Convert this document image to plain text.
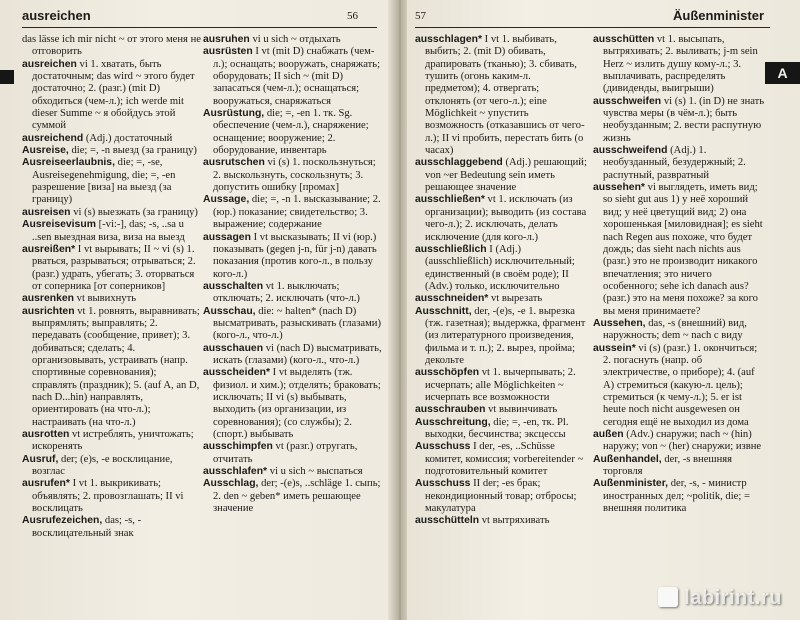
ausreichen	56

das lässe ich mir nicht ~ от этого меня не отговорить

ausreichen vi 1. хватать, быть достаточным; das wird ~ этого будет достаточно; 2. (разг.) (mit D) обходиться (чем-л.); ich werde mit dieser Summe ~ я обойдусь этой суммой

ausreichend (Adj.) достаточный

Ausreise, die; =, -n выезд (за границу)

Ausreiseerlaubnis, die; =, -se, Ausreisegenehmigung, die; =, -en разрешение [виза] на выезд (за границу)

ausreisen vi (s) выезжать (за границу)

Ausreisevisum [-vi:-], das; -s, ..sa u ..sen выездная виза, виза на выезд

ausreißen* I vt вырывать; II ~ vi (s) 1. рваться, разрываться; отрываться; 2. (разг.) удрать, убегать; 3. оторваться от соперника [от соперников]

ausrenken vt вывихнуть

ausrichten vt 1. ровнять, выравнивать; выпрямлять; выправлять; 2. передавать (сообщение, привет); 3. добиваться; сделать; 4. организовывать, устраивать (напр. спортивные соревнования); справлять (праздник); 5. (auf A, an D, nach D...hin) направлять, ориентировать (на что-л.); настраивать (на что-л.)

ausrotten vt истреблять, уничтожать; искоренять

Ausruf, der; (e)s, -e восклицание, возглас

ausrufen* I vt 1. выкрикивать; объявлять; 2. провозглашать; II vi восклицать

Ausrufezeichen, das; -s, - восклицательный знак

ausruhen vi u sich ~ отдыхать

ausrüsten I vt (mit D) снабжать (чем-л.); оснащать; вооружать, снаряжать; оборудовать; II sich ~ (mit D) запасаться (чем-л.); оснащаться; вооружаться, снаряжаться

Ausrüstung, die; =, -en 1. тк. Sg. обеспечение (чем-л.), снаряжение; оснащение; вооружение; 2. оборудование, инвентарь

ausrutschen vi (s) 1. поскользнуться; 2. выскользнуть, соскользнуть; 3. допустить ошибку [промах]

Aussage, die; =, -n 1. высказывание; 2. (юр.) показание; свидетельство; 3. выражение; содержание

aussagen I vt высказывать; II vi (юр.) показывать (gegen j-n, für j-n) давать показания (против кого-л., в пользу кого-л.)

ausschalten vt 1. выключать; отключать; 2. исключать (что-л.)

Ausschau, die: ~ halten* (nach D) высматривать, разыскивать (глазами) (кого-л., что-л.)

ausschauen vi (nach D) высматривать, искать (глазами) (кого-л., что-л.)

ausscheiden* I vt выделять (тж. физиол. и хим.); отделять; браковать; исключать; II vi (s) выбывать, выходить (из организации, из соревнования); (со службы); 2. (спорт.) выбывать

ausschimpfen vt (разг.) отругать, отчитать

ausschlafen* vi u sich ~ выспаться

Ausschlag, der; -(e)s, ..schläge 1. сыпь; 2. den ~ geben* иметь решающее значение

57	Äußenminister

ausschlagen* I vt 1. выбивать, выбить; 2. (mit D) обивать, драпировать (тканью); 3. сбивать, тушить (огонь каким-л. предметом); 4. отвергать; отклонять (от чего-л.); eine Möglichkeit ~ упустить возможность (отказавшись от чего-л.); II vi пробить, перестать бить (о часах)

ausschlaggebend (Adj.) решающий; von ~er Bedeutung sein иметь решающее значение

ausschließen* vt 1. исключать (из организации); выводить (из состава чего-л.); 2. исключать, делать исключение (для кого-л.)

ausschließlich I (Adj.) (ausschließlich) исключительный; единственный (в своём роде); II (Adv.) только, исключительно

ausschneiden* vt вырезать

Ausschnitt, der, -(e)s, -e 1. вырезка (тж. газетная); выдержка, фрагмент (из литературного произведения, фильма и т. п.); 2. вырез, пройма; декольте

ausschöpfen vt 1. вычерпывать; 2. исчерпать; alle Möglichkeiten ~ исчерпать все возможности

ausschrauben vt вывинчивать

Ausschreitung, die; =, -en, тк. Pl. выходки, бесчинства; эксцессы

Ausschuss I der, -es, ..Schüsse комитет, комиссия; vorbereitender ~ подготовительный комитет

Ausschuss II der; -es брак; некондиционный товар; отбросы; макулатура

ausschütteln vt вытряхивать

ausschütten vt 1. высыпать, вытряхивать; 2. выливать; j-m sein Herz ~ излить душу кому-л.; 3. выплачивать, распределять (дивиденды, выигрыши)

ausschweifen vi (s) 1. (in D) не знать чувства меры (в чём-л.); быть необузданным; 2. вести распутную жизнь

ausschweifend (Adj.) 1. необузданный, безудержный; 2. распутный, развратный

aussehen* vi выглядеть, иметь вид; so sieht gut aus 1) у неё хороший вид; у неё цветущий вид; 2) она хорошенькая [миловидная]; es sieht nach Regen aus похоже, что будет дождь; das sieht nach nichts aus (разг.) это не производит никакого впечатления; это ничего особенного; sehe ich danach aus? (разг.) это на меня похоже? за кого вы меня принимаете?

Aussehen, das, -s (внешний) вид, наружность; dem ~ nach с виду

aussein* vi (s) (разг.) 1. окончиться; 2. погаснуть (напр. об электричестве, о приборе); 4. (auf A) стремиться (какую-л. цель); стремиться (к чему-л.); 5. er ist heute noch nicht ausgewesen он сегодня ещё не выходил из дома

außen (Adv.) снаружи; nach ~ (hin) наружу; von ~ (her) снаружи; извне

Außenhandel, der, -s внешняя торговля

Außenminister, der, -s, - министр иностранных дел; ~politik, die; = внешняя политика

A
labirint.ru
